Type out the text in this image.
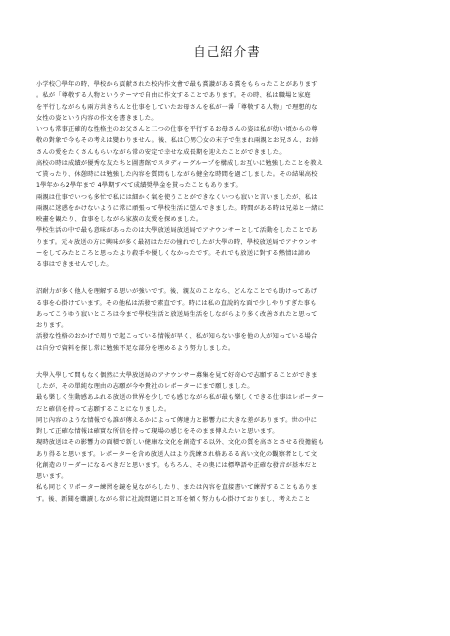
自己紹介書
小学校〇學年の時、學校から貢献された校内作文會で最も賞讃がある賞をもらったことがあります
。私が「尊敬する人物というテーマで自由に作文することであります。その時、私は職場と家庭
を平行しながらも兩方共きちんと仕事をしていたお母さんを私が一番「尊敬する人物」で理想的な
女性の姿という内容の作文を書きました。
いつも常事正確的な性格主のお父さんと二つの仕事を平行するお母さんの姿は私が幼い頃からの尊
敬の對象で今もその考えは變わりません。後、私は〇男〇女の末子で生まれ兩親とお兄さん、お姉
さんの愛をたくさんもらいながら常の安定で幸せな成長期を迎えたことができました。
高校の時は成績が優秀な友たちと圖書館でスタディーグループを構成しお互いに勉強したことを教え
て貰ったり、休憩時には勉強した內容を質問もしながら健全な時間を過ごしました。その結果高校
1學年から2學年まで 4學期すべて成績奨學金を貰ったこともあります。
兩親は仕事でいつも多忙で私には細かく氣を使うことができなくいつも寂いと言いましたが、私は
兩親に迷惑をかけないように常に頑張って學校生活に望んできました。時間がある時は兄弟と一緒に
映畫を観たり、食事をしながら家族の友愛を探めました。
學校生活の中で最も意味があったのは大學放送局放送局でアナウンサーとして活動をしたことであ
ります。元々放送の方に興味が多く最初はただの憧れでしたが大學の時、學校放送局でアナウンサ
ーをしてみたところと思ったより殺手や優しくなかったです。それでも放送に對する熱情は諦め
る事はできませんでした。
沼耐力が多く他人を理解する思いが強いです。後、親友のことなら、どんなことでも助けってあげ
る事を心掛けています。その他私は活發で素直です。時には私の直說的な面で少しやりすぎた事も
あってこうゆう寂いところは今まで學校生活と放送局生活をしながらより多く改善されたと思って
おります。
活發な性格のおかげで周りで起こっている情報が早く、私が知らない事を他の人が知っている場合
は自分で資料を探し常に勉強不足な部分を埋めるよう努力しました。
大學入學して間もなく偶然に大學放送局のアナウンサー募集を見て好奇心で志願することができま
したが、その單純な理由の志願が今や貴社のレポーターにまで願しました。
最も樂しく生動感あふれる放送の世界を少しでも感じながら私が最も樂しくできる仕事はレポーター
だと確信を持って志願することになりました。
同じ內容のような情報でも誰が傳えるかによって傳達力と影響力に大きな差があります。世の中に
對して正確な情報は確實な所信を持って現場の感じをそのまま傳えたいと思います。
現時放送はその影響力の面積で新しい健康な文化を創造する以外、文化の質を高さとさせる役擔能も
あり得ると思います。レポーターを含め放送人はより洗練され格あるる高い文化の觀察者として文
化創造のリーダーになるべきだと思います。もちろん、その奧には標準語や正確な發音が基本だと
思います。
私も同じくリポーター練習を鏡を見ながらしたり、または內容を直接書いて練習することもありま
す。後、新聞を購讀しながら常に社說問題に目と耳を傾く努力も心掛けておりまし、考えたこと
